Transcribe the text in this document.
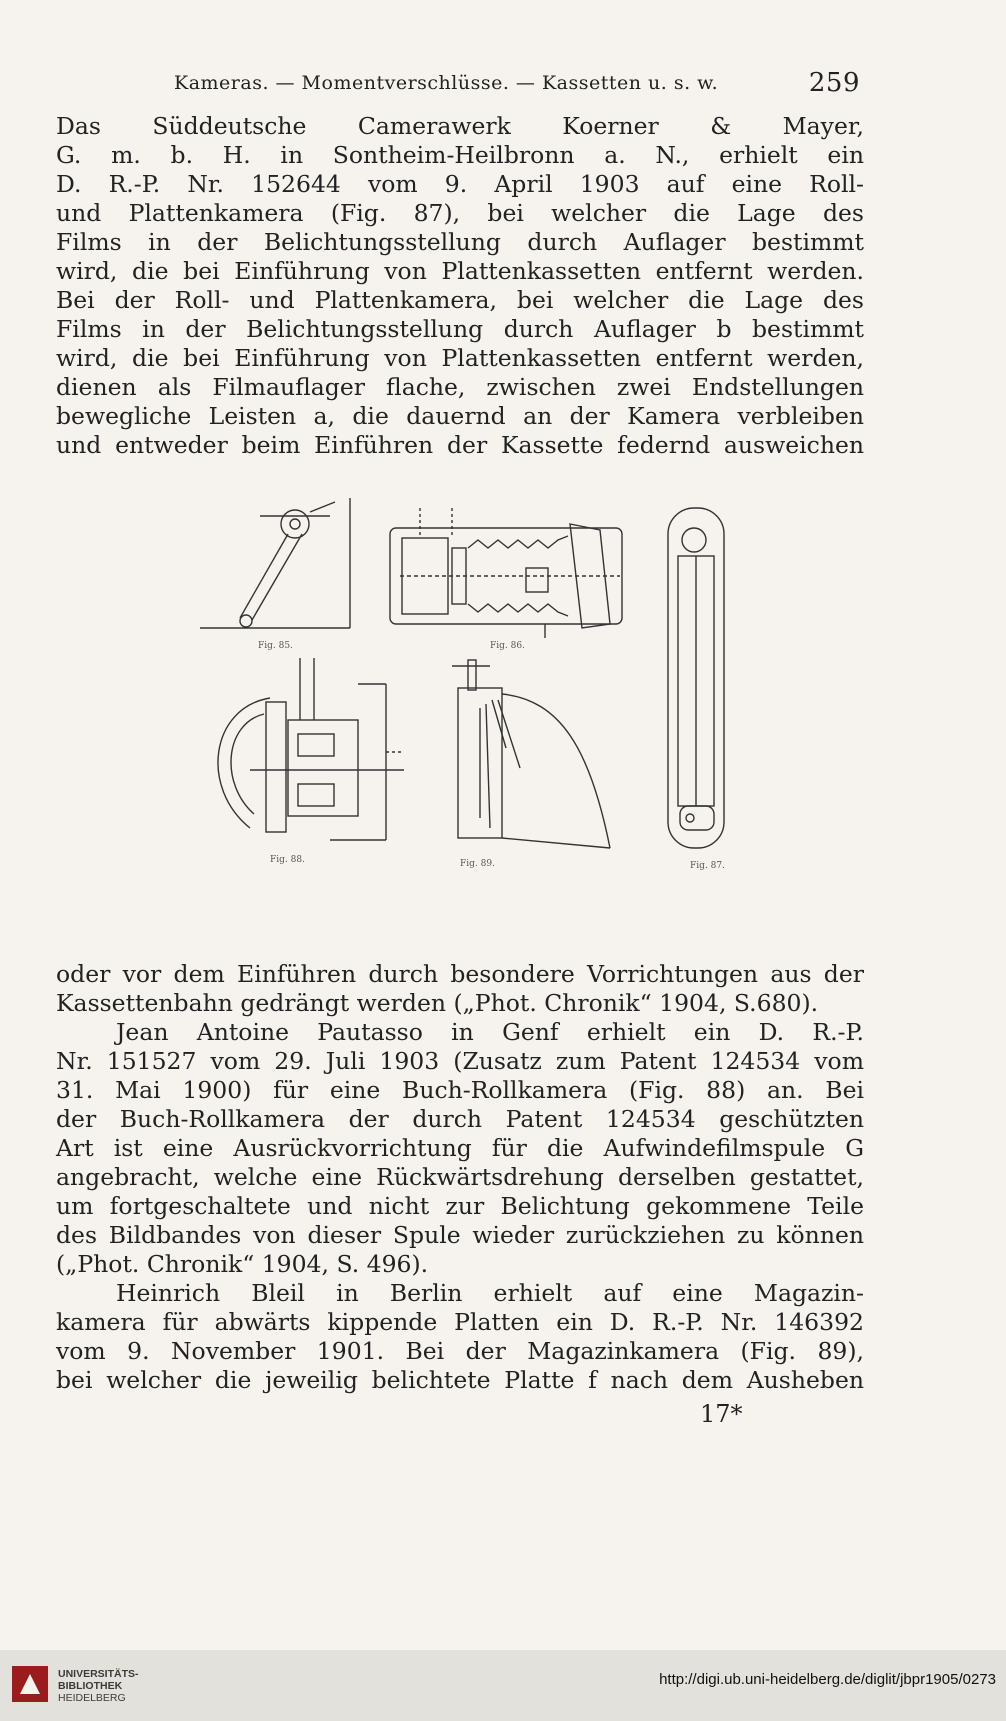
Kameras. — Momentverschlüsse. — Kassetten u. s. w.	259

Das Süddeutsche Camerawerk Koerner & Mayer,

G. m. b. H. in Sontheim-Heilbronn a. N., erhielt ein

D. R.-P. Nr. 152644 vom 9. April 1903 auf eine Roll-

und Plattenkamera (Fig. 87), bei welcher die Lage des

Films in der Belichtungsstellung durch Auflager bestimmt

wird, die bei Einführung von Plattenkassetten entfernt werden.

Bei der Roll- und Plattenkamera, bei welcher die Lage des

Films in der Belichtungsstellung durch Auflager b bestimmt

wird, die bei Einführung von Plattenkassetten entfernt werden,

dienen als Filmauflager flache, zwischen zwei Endstellungen

bewegliche Leisten a, die dauernd an der Kamera verbleiben

und entweder beim Einführen der Kassette federnd ausweichen

Fig. 85.	Fig. 86.
Fig. 87.
Fig. 88.	Fig. 89.

oder vor dem Einführen durch besondere Vorrichtungen aus der

Kassettenbahn gedrängt werden („Phot. Chronik“ 1904, S.680).

Jean Antoine Pautasso in Genf erhielt ein D. R.-P.

Nr. 151527 vom 29. Juli 1903 (Zusatz zum Patent 124534 vom

31. Mai 1900) für eine Buch-Rollkamera (Fig. 88) an. Bei

der Buch-Rollkamera der durch Patent 124534 geschützten

Art ist eine Ausrückvorrichtung für die Aufwindefilmspule G

angebracht, welche eine Rückwärtsdrehung derselben gestattet,

um fortgeschaltete und nicht zur Belichtung gekommene Teile

des Bildbandes von dieser Spule wieder zurückziehen zu können

(„Phot. Chronik“ 1904, S. 496).

Heinrich Bleil in Berlin erhielt auf eine Magazin-

kamera für abwärts kippende Platten ein D. R.-P. Nr. 146392

vom 9. November 1901. Bei der Magazinkamera (Fig. 89),

bei welcher die jeweilig belichtete Platte f nach dem Ausheben

17*
UNIVERSITÄTS-
BIBLIOTHEK
HEIDELBERG
http://digi.ub.uni-heidelberg.de/diglit/jbpr1905/0273
